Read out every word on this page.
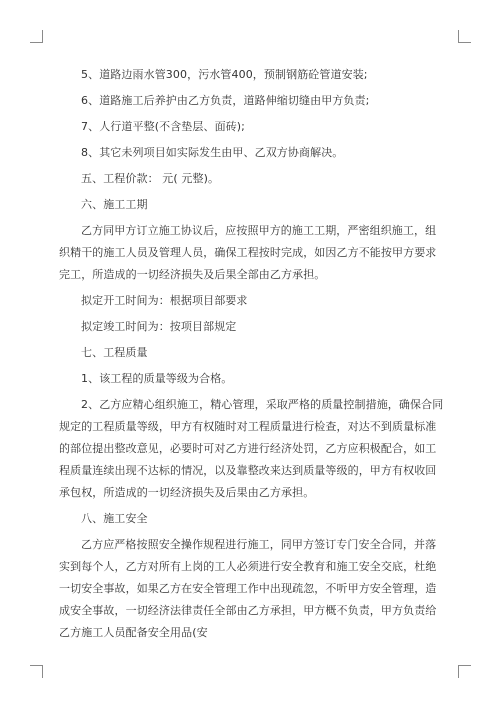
5、道路边雨水管300，污水管400，预制钢筋砼管道安装;

6、道路施工后养护由乙方负责，道路伸缩切缝由甲方负责;

7、人行道平整(不含垫层、面砖);

8、其它未列项目如实际发生由甲、乙双方协商解决。

五、工程价款： 元( 元整)。

六、施工工期

乙方同甲方订立施工协议后，应按照甲方的施工工期，严密组织施工，组织精干的施工人员及管理人员，确保工程按时完成，如因乙方不能按甲方要求完工，所造成的一切经济损失及后果全部由乙方承担。

拟定开工时间为：根据项目部要求

拟定竣工时间为：按项目部规定

七、工程质量

1、该工程的质量等级为合格。

2、乙方应精心组织施工，精心管理，采取严格的质量控制措施，确保合同规定的工程质量等级，甲方有权随时对工程质量进行检查，对达不到质量标准的部位提出整改意见，必要时可对乙方进行经济处罚，乙方应积极配合，如工程质量连续出现不达标的情况，以及靠整改来达到质量等级的，甲方有权收回承包权，所造成的一切经济损失及后果由乙方承担。

八、施工安全

乙方应严格按照安全操作规程进行施工，同甲方签订专门安全合同，并落实到每个人，乙方对所有上岗的工人必须进行安全教育和施工安全交底，杜绝一切安全事故，如果乙方在安全管理工作中出现疏忽，不听甲方安全管理，造成安全事故，一切经济法律责任全部由乙方承担，甲方概不负责，甲方负责给乙方施工人员配备安全用品(安
